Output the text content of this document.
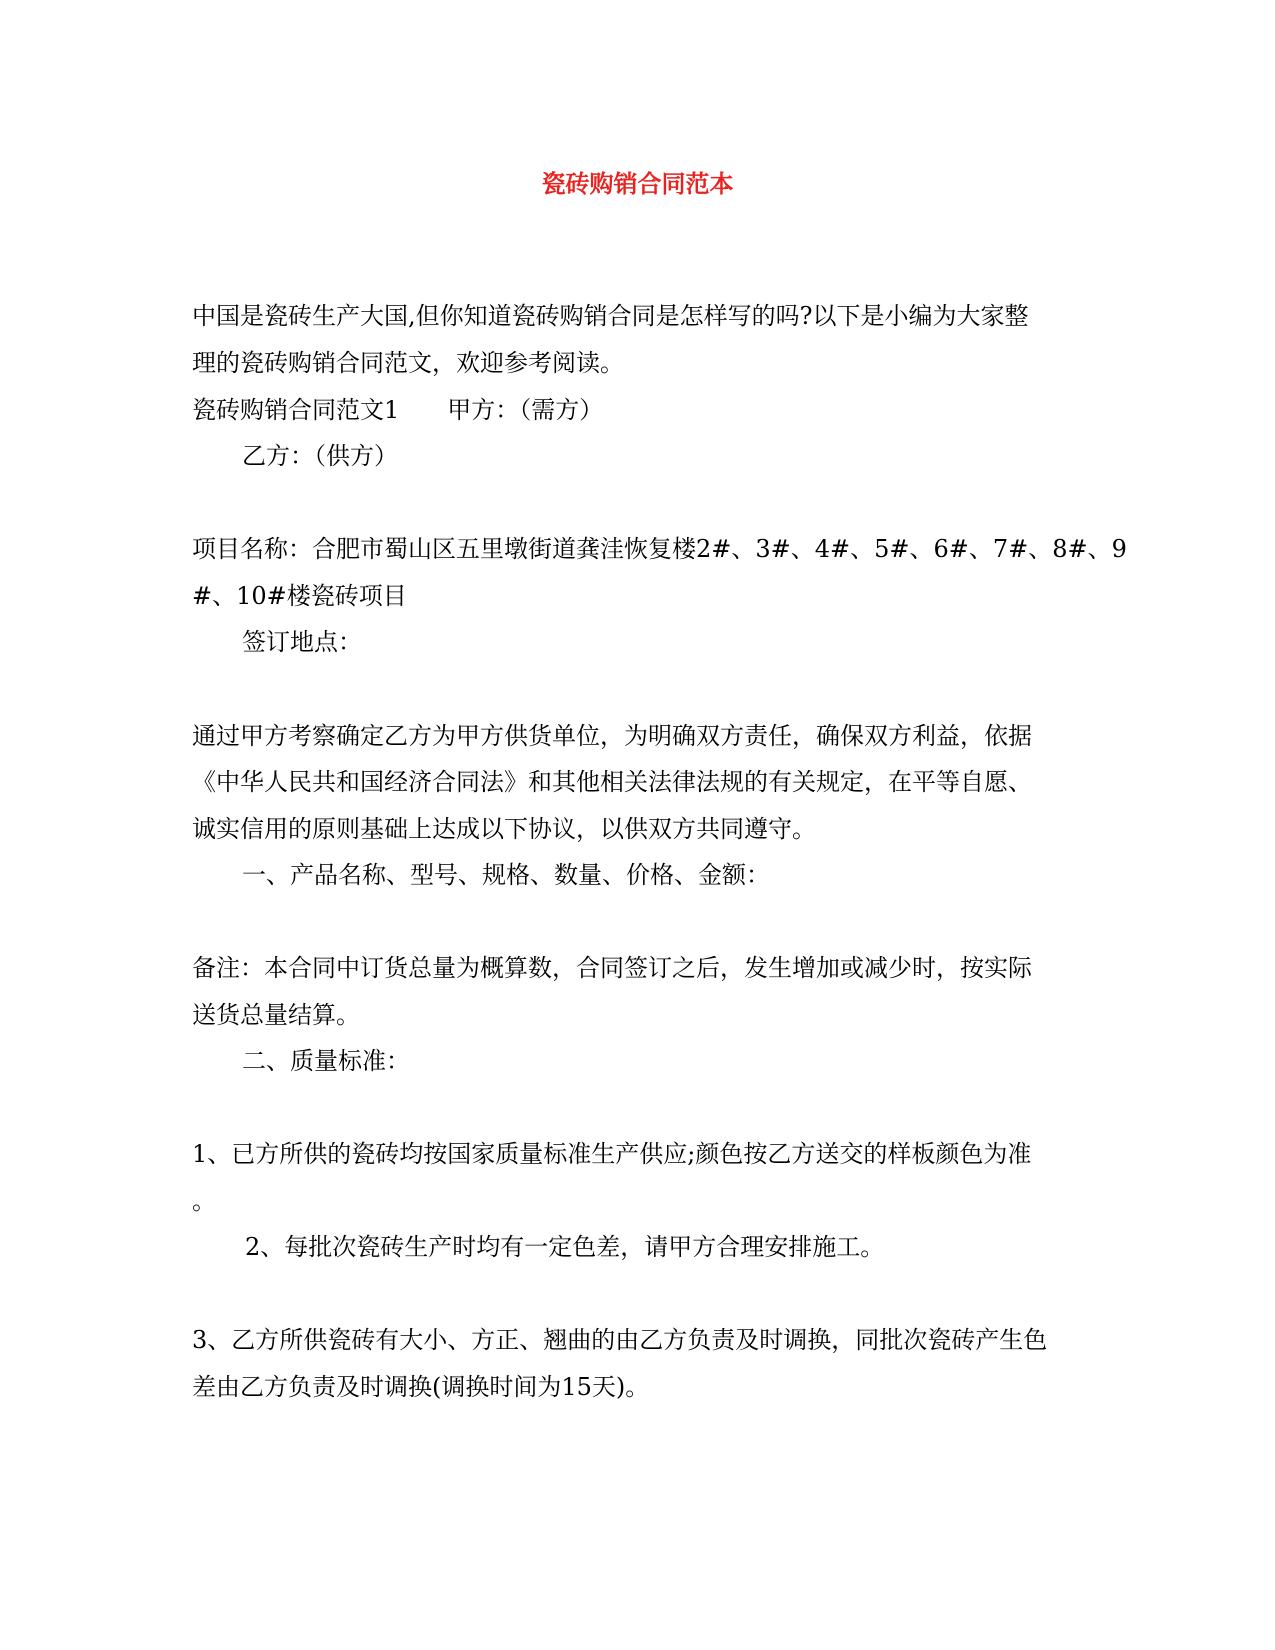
瓷砖购销合同范本
中国是瓷砖生产大国,但你知道瓷砖购销合同是怎样写的吗?以下是小编为大家整
理的瓷砖购销合同范文，欢迎参考阅读。
瓷砖购销合同范文1　　甲方：（需方）
乙方：（供方）
项目名称：合肥市蜀山区五里墩街道龚洼恢复楼2#、3#、4#、5#、6#、7#、8#、9
#、10#楼瓷砖项目
签订地点：
通过甲方考察确定乙方为甲方供货单位，为明确双方责任，确保双方利益，依据
《中华人民共和国经济合同法》和其他相关法律法规的有关规定，在平等自愿、
诚实信用的原则基础上达成以下协议，以供双方共同遵守。
一、产品名称、型号、规格、数量、价格、金额：
备注：本合同中订货总量为概算数，合同签订之后，发生增加或减少时，按实际
送货总量结算。
二、质量标准：
1、已方所供的瓷砖均按国家质量标准生产供应;颜色按乙方送交的样板颜色为准
。
2、每批次瓷砖生产时均有一定色差，请甲方合理安排施工。
3、乙方所供瓷砖有大小、方正、翘曲的由乙方负责及时调换，同批次瓷砖产生色
差由乙方负责及时调换(调换时间为15天)。
